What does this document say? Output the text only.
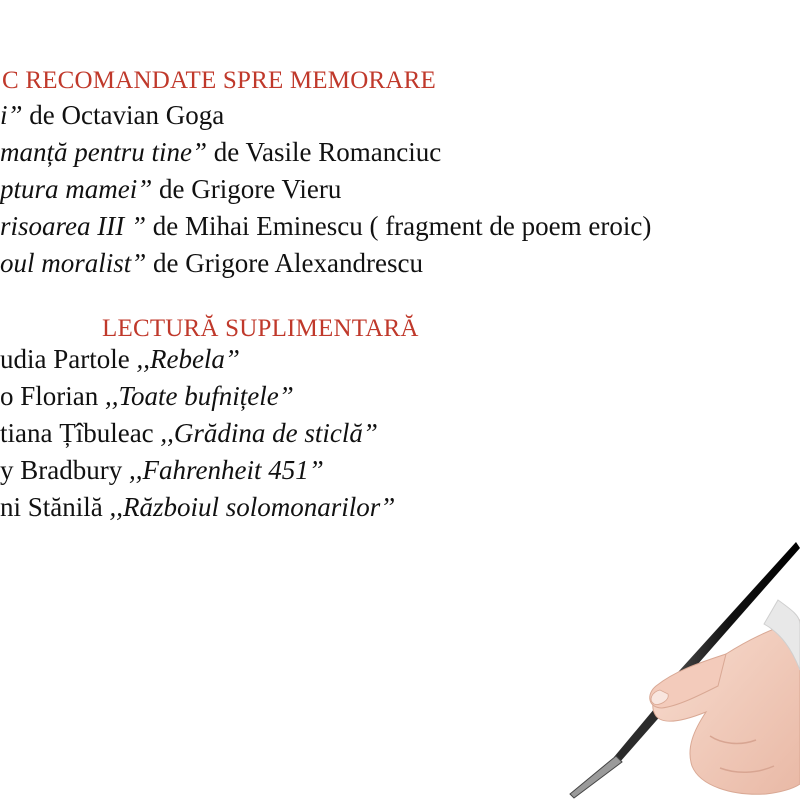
C RECOMANDATE SPRE MEMORARE
i” de Octavian Goga
manță pentru tine” de Vasile Romanciuc
ptura mamei” de Grigore Vieru
risoarea III ” de Mihai Eminescu ( fragment de poem eroic)
oul moralist” de Grigore Alexandrescu
LECTURĂ SUPLIMENTARĂ
udia Partole ,,Rebela”
o Florian ,,Toate bufnițele”
tiana Țîbuleac ,,Grădina de sticlă”
y Bradbury ,,Fahrenheit 451”
ni Stănilă ,,Războiul solomonarilor”
